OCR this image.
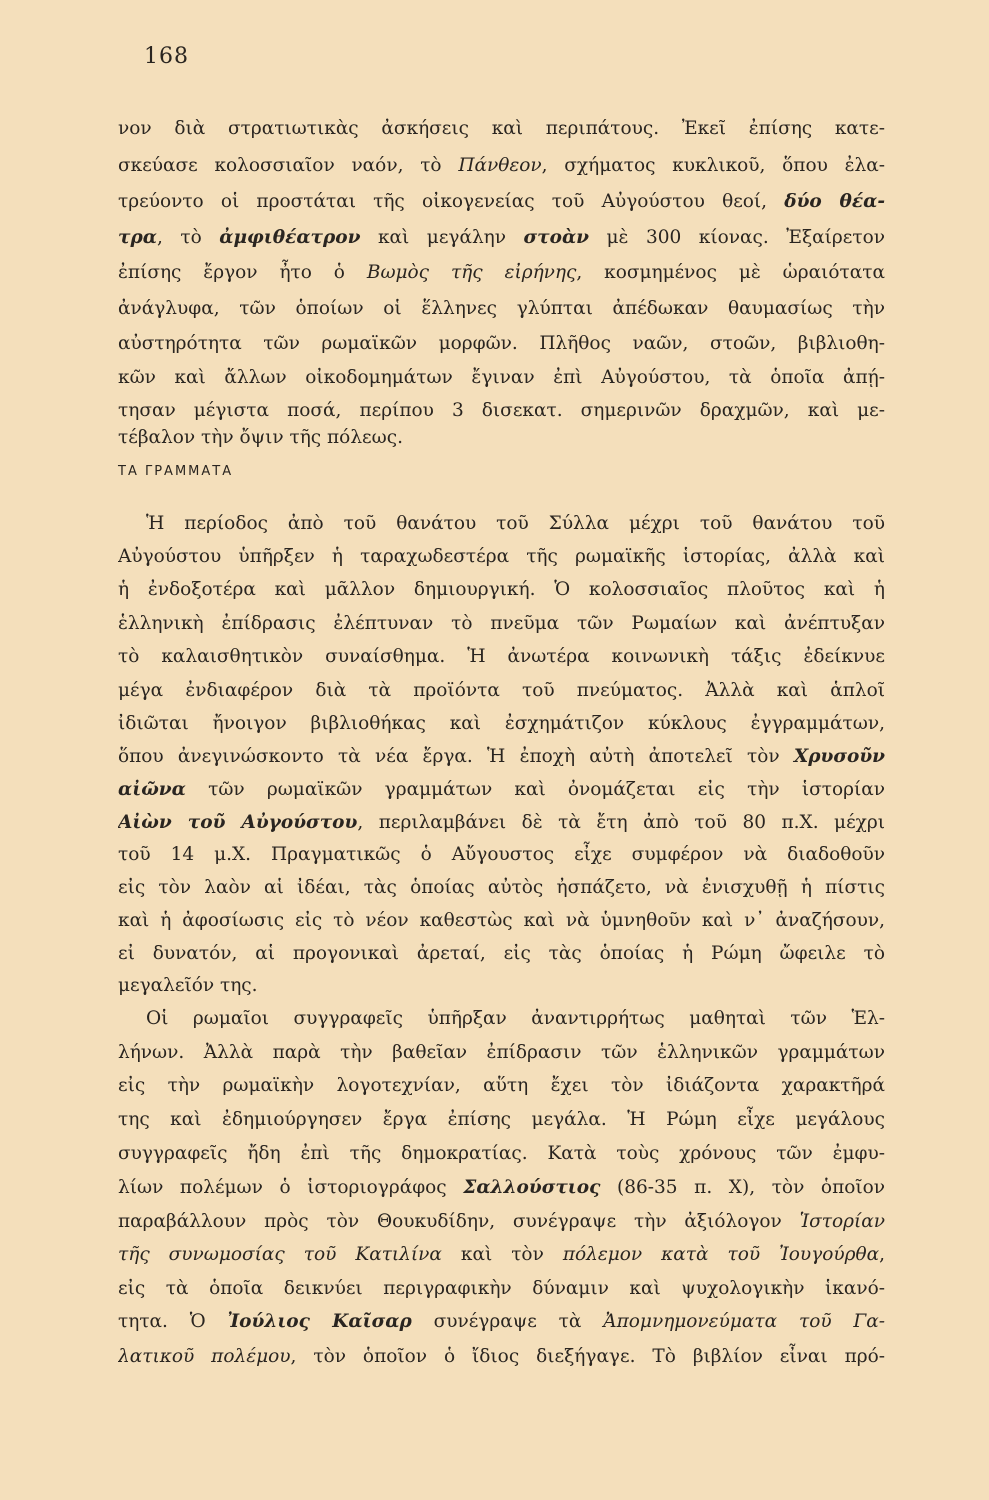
168
νον διὰ στρατιωτικὰς ἀσκήσεις καὶ περιπάτους. Ἐκεῖ ἐπίσης κατε-
σκεύασε κολοσσιαῖον ναόν, τὸ Πάνθεον, σχήματος κυκλικοῦ, ὅπου ἐλα-
τρεύοντο οἱ προστάται τῆς οἰκογενείας τοῦ Αὐγούστου θεοί, δύο θέα-
τρα, τὸ ἀμφιθέατρον καὶ μεγάλην στοὰν μὲ 300 κίονας. Ἐξαίρετον
ἐπίσης ἔργον ἦτο ὁ Βωμὸς τῆς εἰρήνης, κοσμημένος μὲ ὡραιότατα
ἀνάγλυφα, τῶν ὁποίων οἱ ἕλληνες γλύπται ἀπέδωκαν θαυμασίως τὴν
αὐστηρότητα τῶν ρωμαϊκῶν μορφῶν. Πλῆθος ναῶν, στοῶν, βιβλιοθη-
κῶν καὶ ἄλλων οἰκοδομημάτων ἔγιναν ἐπὶ Αὐγούστου, τὰ ὁποῖα ἀπῄ-
τησαν μέγιστα ποσά, περίπου 3 δισεκατ. σημερινῶν δραχμῶν, καὶ με-
τέβαλον τὴν ὄψιν τῆς πόλεως.
ΤΑ ΓΡΑΜΜΑΤΑ
Ἡ περίοδος ἀπὸ τοῦ θανάτου τοῦ Σύλλα μέχρι τοῦ θανάτου τοῦ
Αὐγούστου ὑπῆρξεν ἡ ταραχωδεστέρα τῆς ρωμαϊκῆς ἱστορίας, ἀλλὰ καὶ
ἡ ἐνδοξοτέρα καὶ μᾶλλον δημιουργική. Ὁ κολοσσιαῖος πλοῦτος καὶ ἡ
ἑλληνικὴ ἐπίδρασις ἐλέπτυναν τὸ πνεῦμα τῶν Ρωμαίων καὶ ἀνέπτυξαν
τὸ καλαισθητικὸν συναίσθημα. Ἡ ἀνωτέρα κοινωνικὴ τάξις ἐδείκνυε
μέγα ἐνδιαφέρον διὰ τὰ προϊόντα τοῦ πνεύματος. Ἀλλὰ καὶ ἁπλοῖ
ἰδιῶται ἤνοιγον βιβλιοθήκας καὶ ἐσχημάτιζον κύκλους ἐγγραμμάτων,
ὅπου ἀνεγινώσκοντο τὰ νέα ἔργα. Ἡ ἐποχὴ αὐτὴ ἀποτελεῖ τὸν Χρυσοῦν
αἰῶνα τῶν ρωμαϊκῶν γραμμάτων καὶ ὀνομάζεται εἰς τὴν ἱστορίαν
Αἰὼν τοῦ Αὐγούστου, περιλαμβάνει δὲ τὰ ἔτη ἀπὸ τοῦ 80 π.Χ. μέχρι
τοῦ 14 μ.Χ. Πραγματικῶς ὁ Αὔγουστος εἶχε συμφέρον νὰ διαδοθοῦν
εἰς τὸν λαὸν αἱ ἰδέαι, τὰς ὁποίας αὐτὸς ἠσπάζετο, νὰ ἐνισχυθῇ ἡ πίστις
καὶ ἡ ἀφοσίωσις εἰς τὸ νέον καθεστὼς καὶ νὰ ὑμνηθοῦν καὶ ν᾽ ἀναζήσουν,
εἰ δυνατόν, αἱ προγονικαὶ ἀρεταί, εἰς τὰς ὁποίας ἡ Ρώμη ὤφειλε τὸ
μεγαλεῖόν της.
Οἱ ρωμαῖοι συγγραφεῖς ὑπῆρξαν ἀναντιρρήτως μαθηταὶ τῶν Ἑλ-
λήνων. Ἀλλὰ παρὰ τὴν βαθεῖαν ἐπίδρασιν τῶν ἑλληνικῶν γραμμάτων
εἰς τὴν ρωμαϊκὴν λογοτεχνίαν, αὕτη ἔχει τὸν ἰδιάζοντα χαρακτῆρά
της καὶ ἐδημιούργησεν ἔργα ἐπίσης μεγάλα. Ἡ Ρώμη εἶχε μεγάλους
συγγραφεῖς ἤδη ἐπὶ τῆς δημοκρατίας. Κατὰ τοὺς χρόνους τῶν ἐμφυ-
λίων πολέμων ὁ ἱστοριογράφος Σαλλούστιος (86-35 π. Χ), τὸν ὁποῖον
παραβάλλουν πρὸς τὸν Θουκυδίδην, συνέγραψε τὴν ἀξιόλογον Ἱστορίαν
τῆς συνωμοσίας τοῦ Κατιλίνα καὶ τὸν πόλεμον κατὰ τοῦ Ἰουγούρθα,
εἰς τὰ ὁποῖα δεικνύει περιγραφικὴν δύναμιν καὶ ψυχολογικὴν ἱκανό-
τητα. Ὁ Ἰούλιος Καῖσαρ συνέγραψε τὰ Ἀπομνημονεύματα τοῦ Γα-
λατικοῦ πολέμου, τὸν ὁποῖον ὁ ἴδιος διεξήγαγε. Τὸ βιβλίον εἶναι πρό-
